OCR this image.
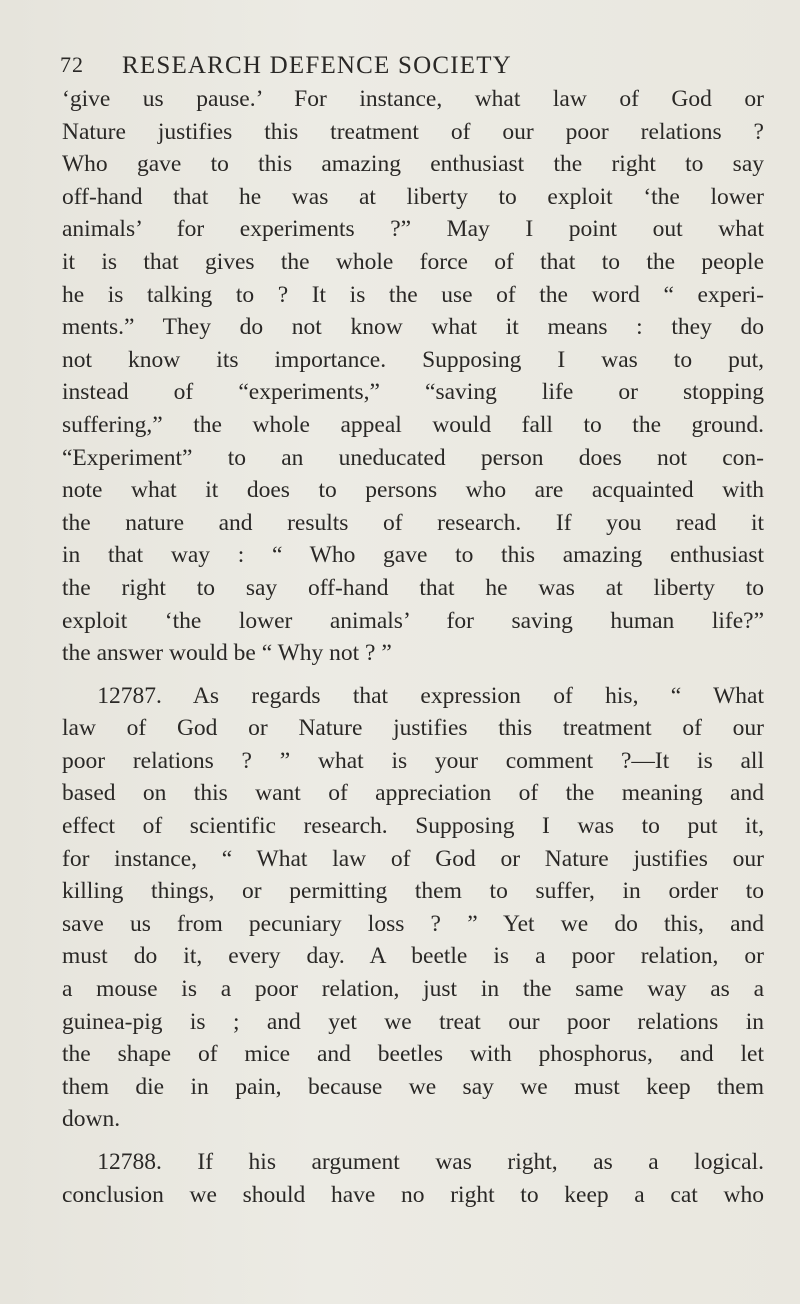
72 RESEARCH DEFENCE SOCIETY
‘give us pause.’ For instance, what law of God or
Nature justifies this treatment of our poor relations ?
Who gave to this amazing enthusiast the right to say
off-hand that he was at liberty to exploit ‘the lower
animals’ for experiments ?” May I point out what
it is that gives the whole force of that to the people
he is talking to ? It is the use of the word “ experi-
ments.” They do not know what it means : they do
not know its importance. Supposing I was to put,
instead of “experiments,” “saving life or stopping
suffering,” the whole appeal would fall to the ground.
“Experiment” to an uneducated person does not con-
note what it does to persons who are acquainted with
the nature and results of research. If you read it
in that way : “ Who gave to this amazing enthusiast
the right to say off-hand that he was at liberty to
exploit ‘the lower animals’ for saving human life?”
the answer would be “ Why not ? ”
  12787. As regards that expression of his, “ What
law of God or Nature justifies this treatment of our
poor relations ? ” what is your comment ?—It is all
based on this want of appreciation of the meaning and
effect of scientific research. Supposing I was to put it,
for instance, “ What law of God or Nature justifies our
killing things, or permitting them to suffer, in order to
save us from pecuniary loss ? ” Yet we do this, and
must do it, every day. A beetle is a poor relation, or
a mouse is a poor relation, just in the same way as a
guinea-pig is ; and yet we treat our poor relations in
the shape of mice and beetles with phosphorus, and let
them die in pain, because we say we must keep them
down.
  12788. If his argument was right, as a logical.
conclusion we should have no right to keep a cat who
